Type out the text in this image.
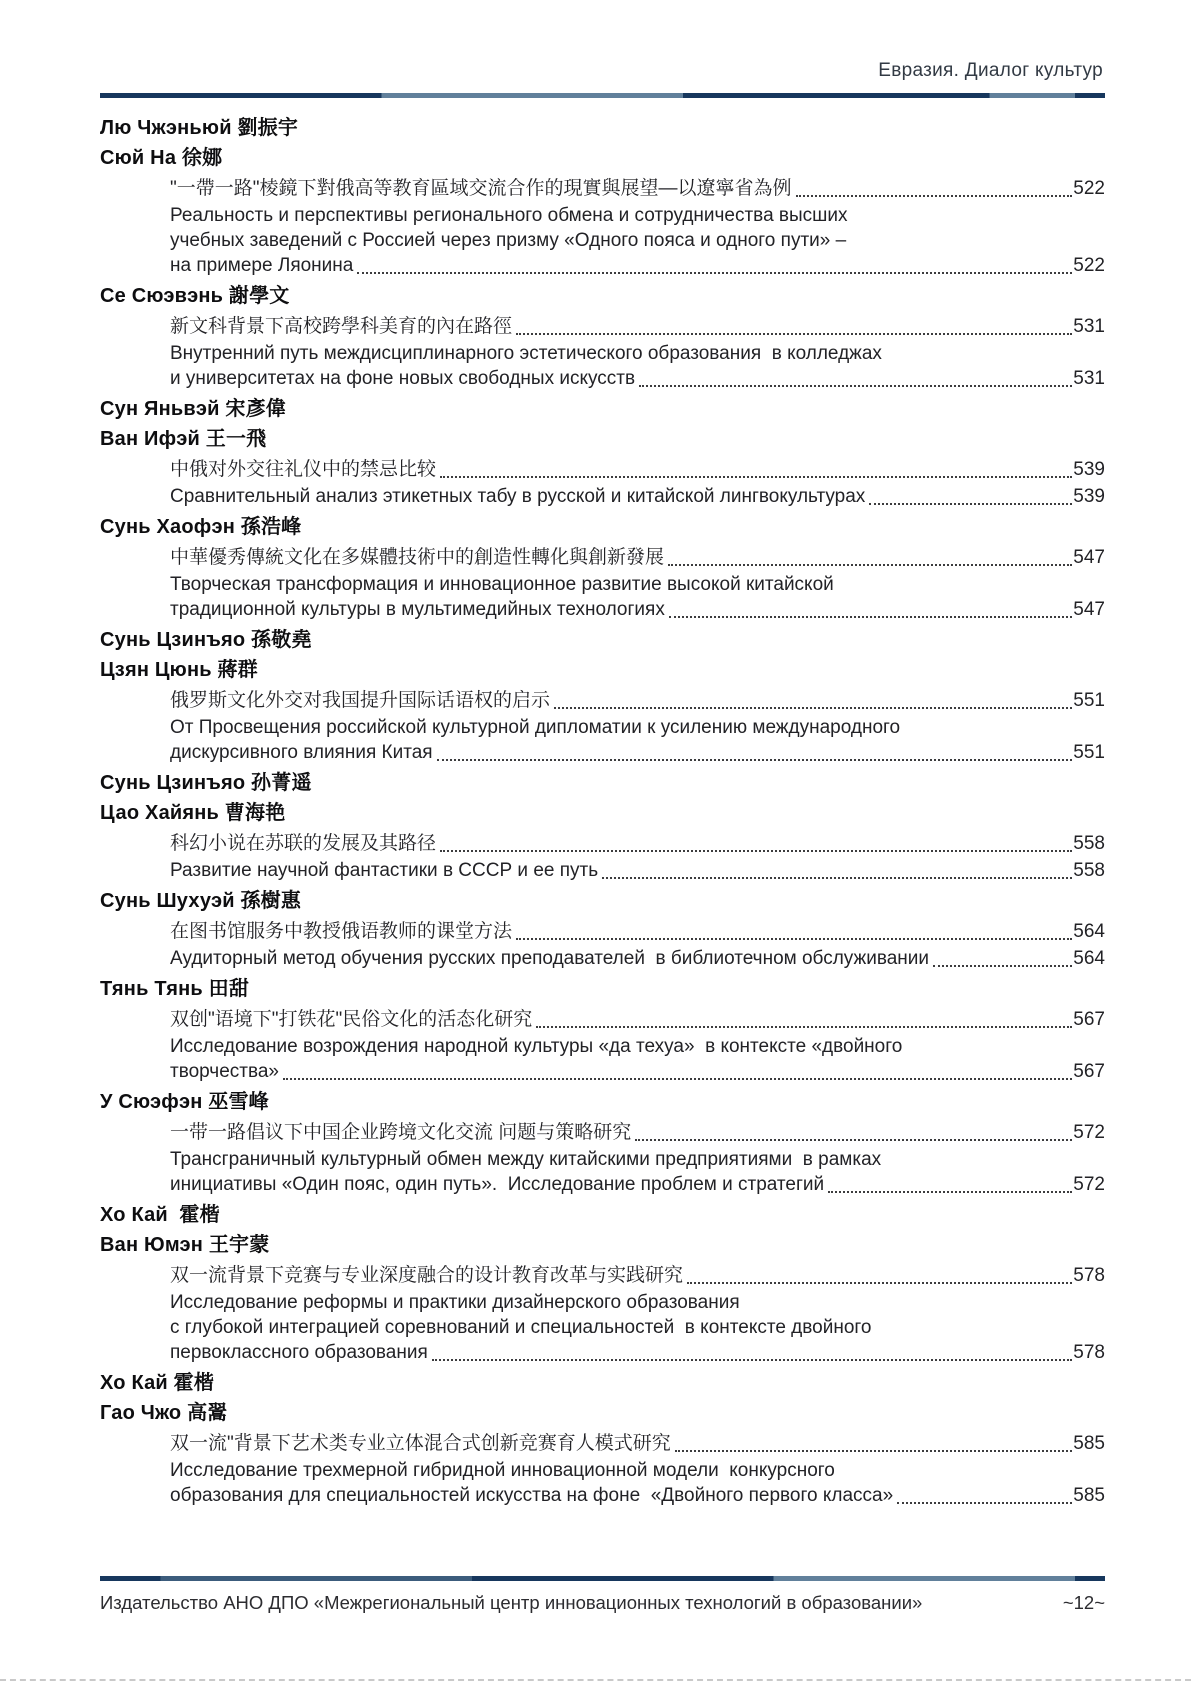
Евразия. Диалог культур
Лю Чжэньюй 劉振宇
Сюй На 徐娜
"一帶一路"棱鏡下對俄高等教育區域交流合作的現實與展望—以遼寧省為例	522
Реальность и перспективы регионального обмена и сотрудничества высших
учебных заведений с Россией через призму «Одного пояса и одного пути» –
на примере Ляонина	522
Се Сюэвэнь 謝學文
新文科背景下高校跨學科美育的內在路徑	531
Внутренний путь междисциплинарного эстетического образования  в колледжах
и университетах на фоне новых свободных искусств	531
Сун Яньвэй 宋彥偉
Ван Ифэй 王一飛
中俄对外交往礼仪中的禁忌比较	539
Сравнительный анализ этикетных табу в русской и китайской лингвокультурах	539
Сунь Хаофэн 孫浩峰
中華優秀傳統文化在多媒體技術中的創造性轉化與創新發展	547
Творческая трансформация и инновационное развитие высокой китайской
традиционной культуры в мультимедийных технологиях	547
Сунь Цзинъяо 孫敬堯
Цзян Цюнь 蔣群
俄罗斯文化外交对我国提升国际话语权的启示	551
От Просвещения российской культурной дипломатии к усилению международного
дискурсивного влияния Китая	551
Сунь Цзинъяо 孙菁遥
Цао Хайянь 曹海艳
科幻小说在苏联的发展及其路径	558
Развитие научной фантастики в СССР и ее путь	558
Сунь Шухуэй 孫樹惠
在图书馆服务中教授俄语教师的课堂方法	564
Аудиторный метод обучения русских преподавателей  в библиотечном обслуживании	564
Тянь Тянь 田甜
双创"语境下"打铁花"民俗文化的活态化研究	567
Исследование возрождения народной культуры «да техуа»  в контексте «двойного
творчества»	567
У Сюэфэн 巫雪峰
一带一路倡议下中国企业跨境文化交流 问题与策略研究	572
Трансграничный культурный обмен между китайскими предприятиями  в рамках
инициативы «Один пояс, один путь».  Исследование проблем и стратегий	572
Хо Кай  霍楷
Ван Юмэн 王宇蒙
双一流背景下竞赛与专业深度融合的设计教育改革与实践研究	578
Исследование реформы и практики дизайнерского образования
с глубокой интеграцией соревнований и специальностей  в контексте двойного
первоклассного образования	578
Хо Кай 霍楷
Гао Чжо 高翯
双一流"背景下艺术类专业立体混合式创新竞赛育人模式研究	585
Исследование трехмерной гибридной инновационной модели  конкурсного
образования для специальностей искусства на фоне  «Двойного первого класса»	585
Издательство АНО ДПО «Межрегиональный центр инновационных технологий в образовании»	~12~
